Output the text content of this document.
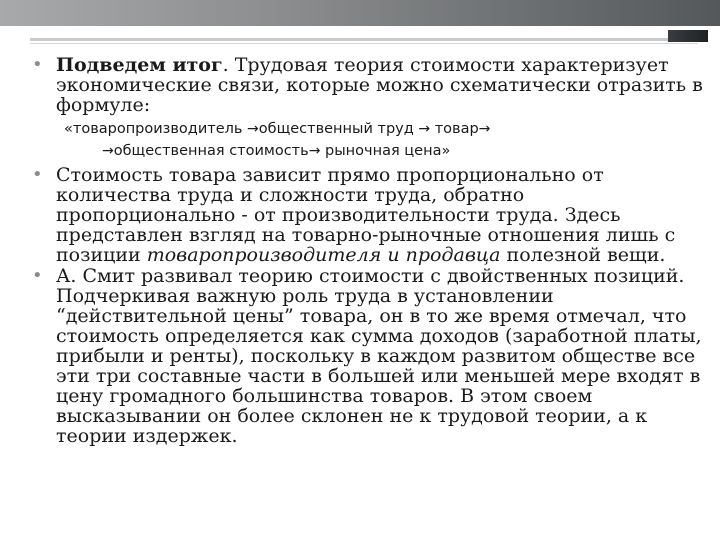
• Подведем итог. Трудовая теория стоимости характеризует экономические связи, которые можно схематически отразить в формуле:
«товаропроизводитель →общественный труд → товар→
→общественная стоимость→ рыночная цена»
• Стоимость товара зависит прямо пропорционально от количества труда и сложности труда, обратно пропорционально - от производительности труда. Здесь представлен взгляд на товарно-рыночные отношения лишь с позиции товаропроизводителя и продавца полезной вещи.
• А. Смит развивал теорию стоимости с двойственных позиций. Подчеркивая важную роль труда в установлении “действительной цены” товара, он в то же время отмечал, что стоимость определяется как сумма доходов (заработной платы, прибыли и ренты), поскольку в каждом развитом обществе все эти три составные части в большей или меньшей мере входят в цену громадного большинства товаров. В этом своем высказывании он более склонен не к трудовой теории, а к теории издержек.
